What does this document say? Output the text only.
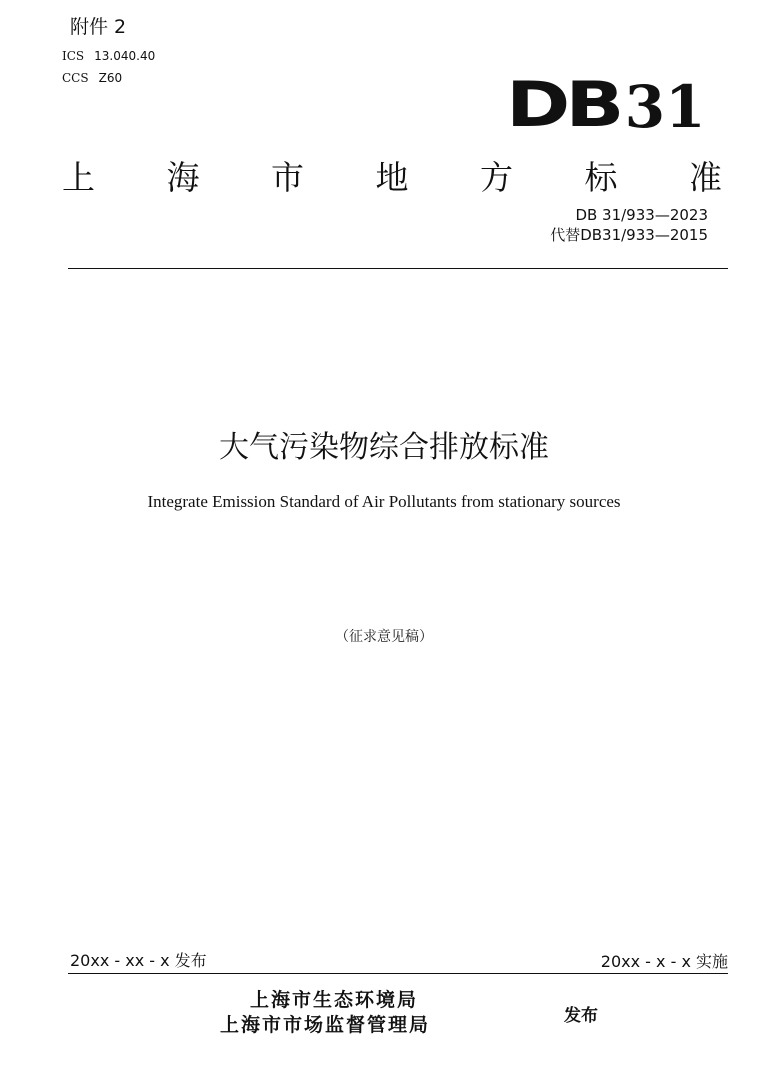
附件 2
ICS 13.040.40
CCS Z60	DB 31
上 海 市 地 方 标 准
DB 31/933—2023
代替DB31/933—2015
大气污染物综合排放标准
Integrate Emission Standard of Air Pollutants from stationary sources
（征求意见稿）
20xx - xx - x 发布	20xx - x - x 实施
上海市生态环境局
上海市市场监督管理局	发布
